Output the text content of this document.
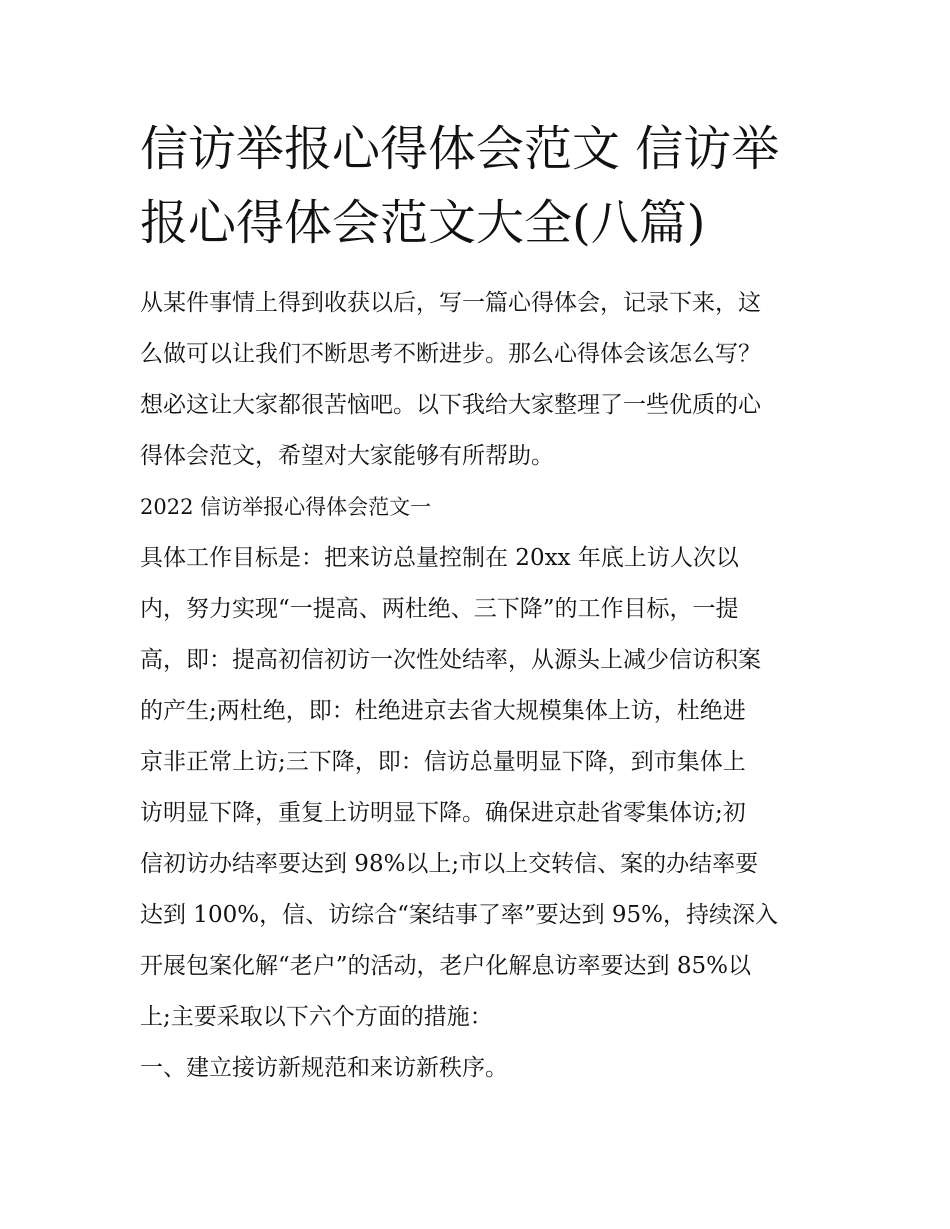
信访举报心得体会范文 信访举
报心得体会范文大全(八篇)
从某件事情上得到收获以后，写一篇心得体会，记录下来，这
么做可以让我们不断思考不断进步。那么心得体会该怎么写？
想必这让大家都很苦恼吧。以下我给大家整理了一些优质的心
得体会范文，希望对大家能够有所帮助。
2022 信访举报心得体会范文一
具体工作目标是：把来访总量控制在 20xx 年底上访人次以
内，努力实现“一提高、两杜绝、三下降”的工作目标，一提
高，即：提高初信初访一次性处结率，从源头上减少信访积案
的产生;两杜绝，即：杜绝进京去省大规模集体上访，杜绝进
京非正常上访;三下降，即：信访总量明显下降，到市集体上
访明显下降，重复上访明显下降。确保进京赴省零集体访;初
信初访办结率要达到 98%以上;市以上交转信、案的办结率要
达到 100%，信、访综合“案结事了率”要达到 95%，持续深入
开展包案化解“老户”的活动，老户化解息访率要达到 85%以
上;主要采取以下六个方面的措施：
一、建立接访新规范和来访新秩序。
